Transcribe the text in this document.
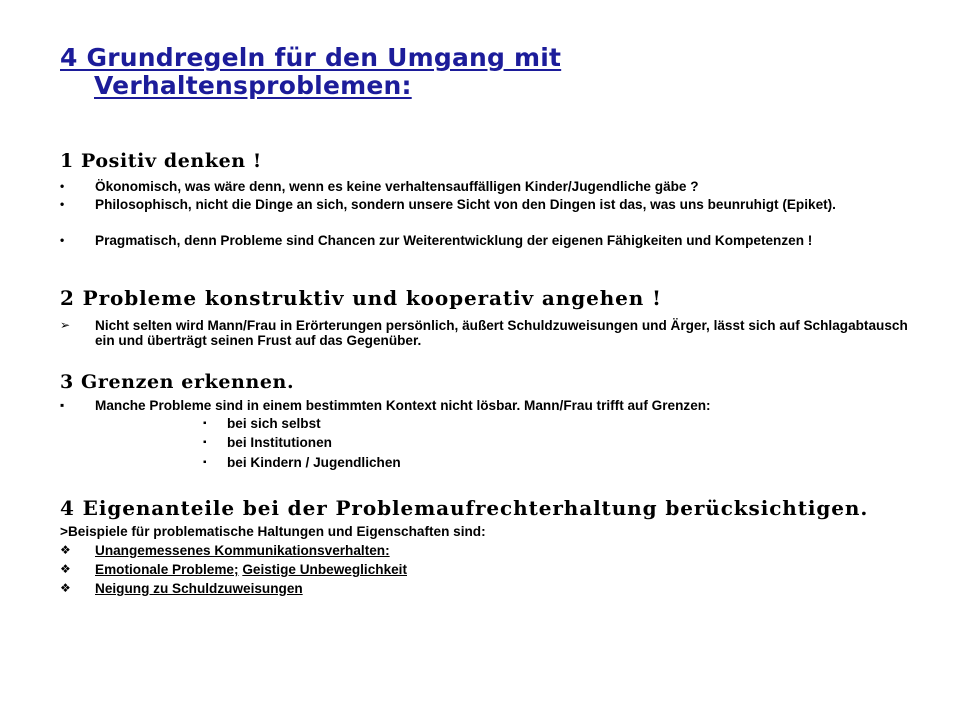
4 Grundregeln für den Umgang mit
Verhaltensproblemen:
1 Positiv denken !
•	Ökonomisch, was wäre denn, wenn es keine verhaltensauffälligen Kinder/Jugendliche gäbe ?
•	Philosophisch, nicht die Dinge an sich, sondern unsere Sicht von den Dingen ist das, was uns beunruhigt (Epiket).
•	Pragmatisch, denn Probleme sind Chancen zur Weiterentwicklung der eigenen Fähigkeiten und Kompetenzen !
2 Probleme konstruktiv und kooperativ angehen !
➢	Nicht selten wird Mann/Frau in Erörterungen persönlich, äußert Schuldzuweisungen und Ärger, lässt sich auf Schlagabtausch ein und überträgt seinen Frust auf das Gegenüber.
3 Grenzen erkennen.
▪	Manche Probleme sind in einem bestimmten Kontext nicht lösbar. Mann/Frau trifft auf Grenzen:
▪ bei sich selbst
▪ bei Institutionen
▪ bei Kindern / Jugendlichen
4 Eigenanteile bei der Problemaufrechterhaltung berücksichtigen.
>Beispiele für problematische Haltungen und Eigenschaften sind:
❖	Unangemessenes Kommunikationsverhalten:
❖	Emotionale Probleme; Geistige Unbeweglichkeit
❖	Neigung zu Schuldzuweisungen
